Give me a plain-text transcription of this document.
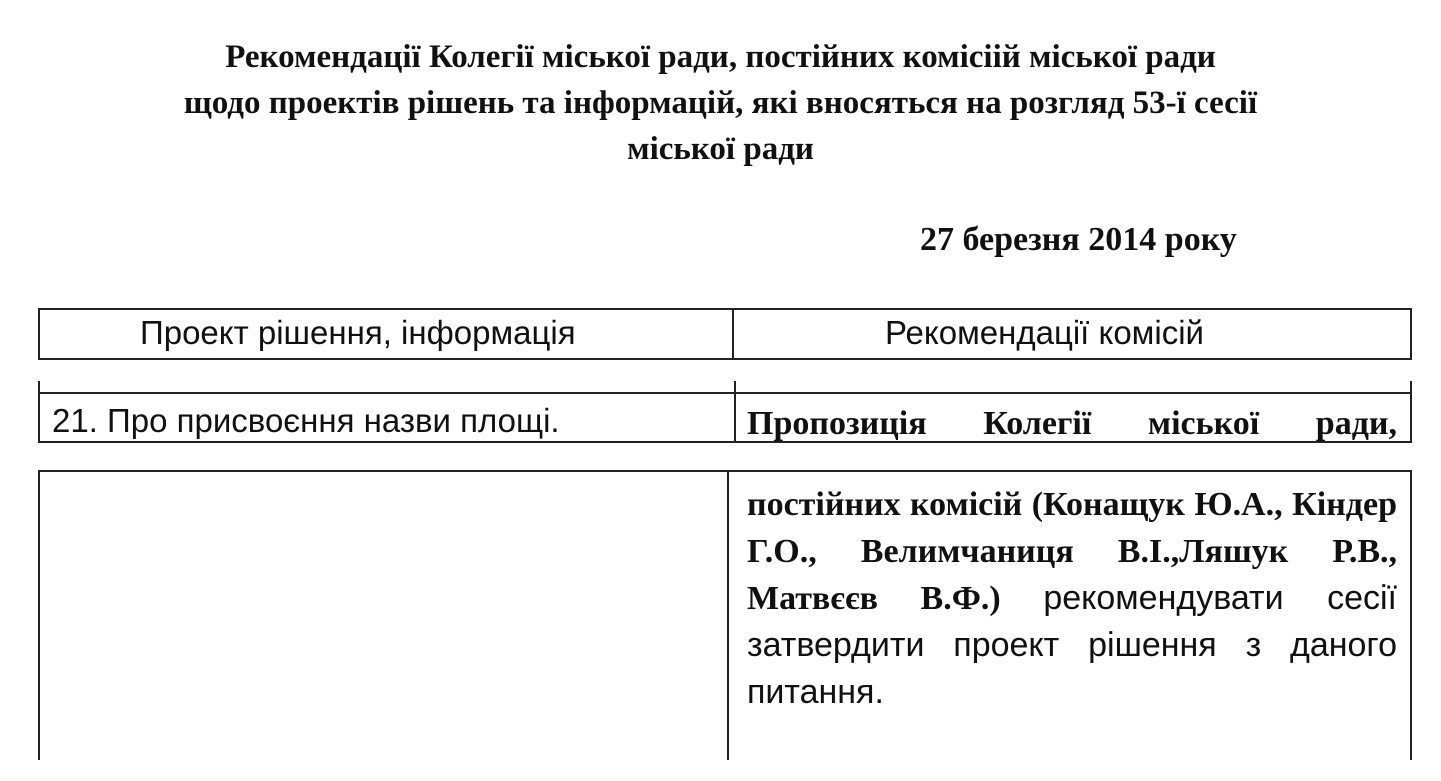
Рекомендації Колегії міської ради, постійних комісіій міської ради
щодо проектів рішень та інформацій, які вносяться на розгляд 53-ї сесії
міської ради
27 березня 2014 року
Проект рішення, інформація	Рекомендації комісій
21. Про присвоєння назви площі.	Пропозиція Колегії міської ради,
постійних комісій (Конащук Ю.А., Кіндер Г.О., Велимчаниця В.І.,Ляшук Р.В., Матвєєв В.Ф.) рекомендувати сесії затвердити проект рішення з даного питання.
